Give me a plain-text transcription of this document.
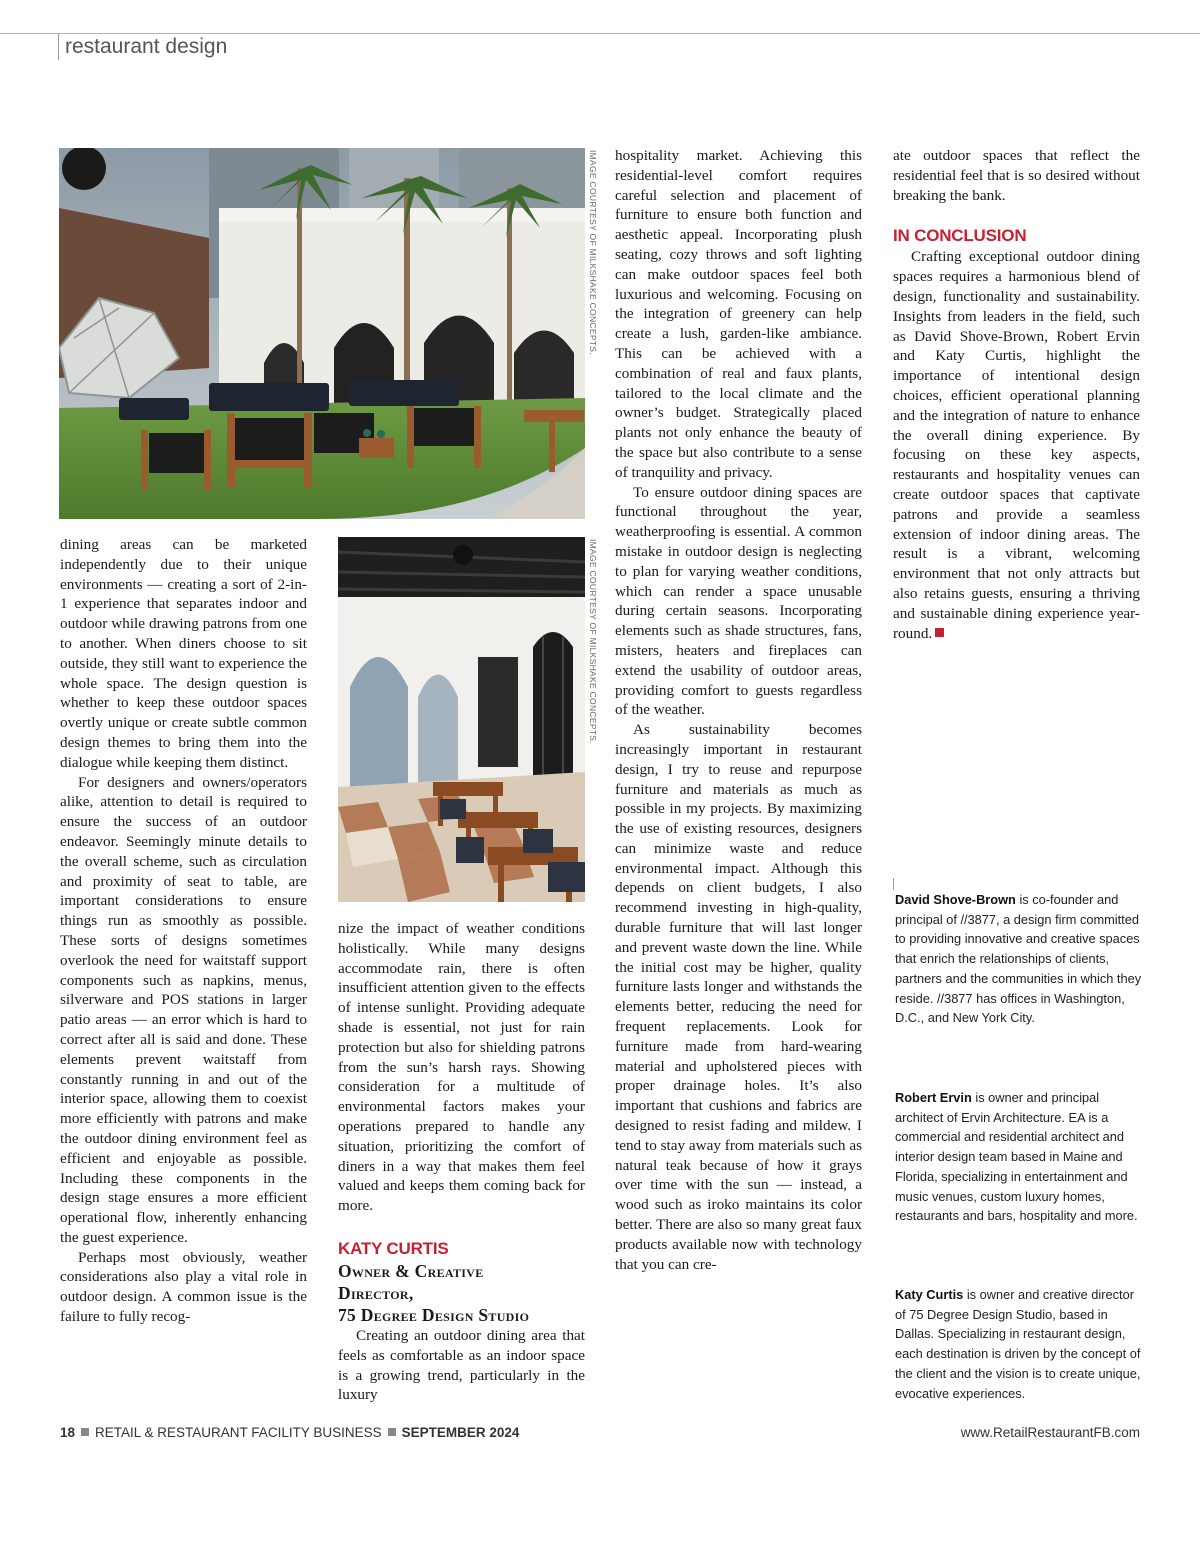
restaurant design
IMAGE COURTESY OF MILKSHAKE CONCEPTS.
IMAGE COURTESY OF MILKSHAKE CONCEPTS.

dining areas can be marketed independently due to their unique environments — creating a sort of 2-in-1 experience that separates indoor and outdoor while drawing patrons from one to another. When diners choose to sit outside, they still want to experience the whole space. The design question is whether to keep these outdoor spaces overtly unique or create subtle common design themes to bring them into the dialogue while keeping them distinct.

For designers and owners/operators alike, attention to detail is required to ensure the success of an outdoor endeavor. Seemingly minute details to the overall scheme, such as circulation and proximity of seat to table, are important considerations to ensure things run as smoothly as possible. These sorts of designs sometimes overlook the need for waitstaff support components such as napkins, menus, silverware and POS stations in larger patio areas — an error which is hard to correct after all is said and done. These elements prevent waitstaff from constantly running in and out of the interior space, allowing them to coexist more efficiently with patrons and make the outdoor dining environment feel as efficient and enjoyable as possible. Including these components in the design stage ensures a more efficient operational flow, inherently enhancing the guest experience.

Perhaps most obviously, weather considerations also play a vital role in outdoor design. A common issue is the failure to fully recog-

nize the impact of weather conditions holistically. While many designs accommodate rain, there is often insufficient attention given to the effects of intense sunlight. Providing adequate shade is essential, not just for rain protection but also for shielding patrons from the sun’s harsh rays. Showing consideration for a multitude of environmental factors makes your operations prepared to handle any situation, prioritizing the comfort of diners in a way that makes them feel valued and keeps them coming back for more.

KATY CURTIS
Owner & Creative
Director,
75 Degree Design Studio

Creating an outdoor dining area that feels as comfortable as an indoor space is a growing trend, particularly in the luxury

hospitality market. Achieving this residential-level comfort requires careful selection and placement of furniture to ensure both function and aesthetic appeal. Incorporating plush seating, cozy throws and soft lighting can make outdoor spaces feel both luxurious and welcoming. Focusing on the integration of greenery can help create a lush, garden-like ambiance. This can be achieved with a combination of real and faux plants, tailored to the local climate and the owner’s budget. Strategically placed plants not only enhance the beauty of the space but also contribute to a sense of tranquility and privacy.

To ensure outdoor dining spaces are functional throughout the year, weatherproofing is essential. A common mistake in outdoor design is neglecting to plan for varying weather conditions, which can render a space unusable during certain seasons. Incorporating elements such as shade structures, fans, misters, heaters and fireplaces can extend the usability of outdoor areas, providing comfort to guests regardless of the weather.

As sustainability becomes increasingly important in restaurant design, I try to reuse and repurpose furniture and materials as much as possible in my projects. By maximizing the use of existing resources, designers can minimize waste and reduce environmental impact. Although this depends on client budgets, I also recommend investing in high-quality, durable furniture that will last longer and prevent waste down the line. While the initial cost may be higher, quality furniture lasts longer and withstands the elements better, reducing the need for frequent replacements. Look for furniture made from hard-wearing material and upholstered pieces with proper drainage holes. It’s also important that cushions and fabrics are designed to resist fading and mildew. I tend to stay away from materials such as natural teak because of how it grays over time with the sun — instead, a wood such as iroko maintains its color better. There are also so many great faux products available now with technology that you can cre-

ate outdoor spaces that reflect the residential feel that is so desired without breaking the bank.

IN CONCLUSION

Crafting exceptional outdoor dining spaces requires a harmonious blend of design, functionality and sustainability. Insights from leaders in the field, such as David Shove-Brown, Robert Ervin and Katy Curtis, highlight the importance of intentional design choices, efficient operational planning and the integration of nature to enhance the overall dining experience. By focusing on these key aspects, restaurants and hospitality venues can create outdoor spaces that captivate patrons and provide a seamless extension of indoor dining areas. The result is a vibrant, welcoming environment that not only attracts but also retains guests, ensuring a thriving and sustainable dining experience year-round.

David Shove-Brown is co-founder and principal of //3877, a design firm committed to providing innovative and creative spaces that enrich the relationships of clients, partners and the communities in which they reside. //3877 has offices in Washington, D.C., and New York City.
Robert Ervin is owner and principal architect of Ervin Architecture. EA is a commercial and residential architect and interior design team based in Maine and Florida, specializing in entertainment and music venues, custom luxury homes, restaurants and bars, hospitality and more.
Katy Curtis is owner and creative director of 75 Degree Design Studio, based in Dallas. Specializing in restaurant design, each destination is driven by the concept of the client and the vision is to create unique, evocative experiences.
18 RETAIL & RESTAURANT FACILITY BUSINESS SEPTEMBER 2024	www.RetailRestaurantFB.com
